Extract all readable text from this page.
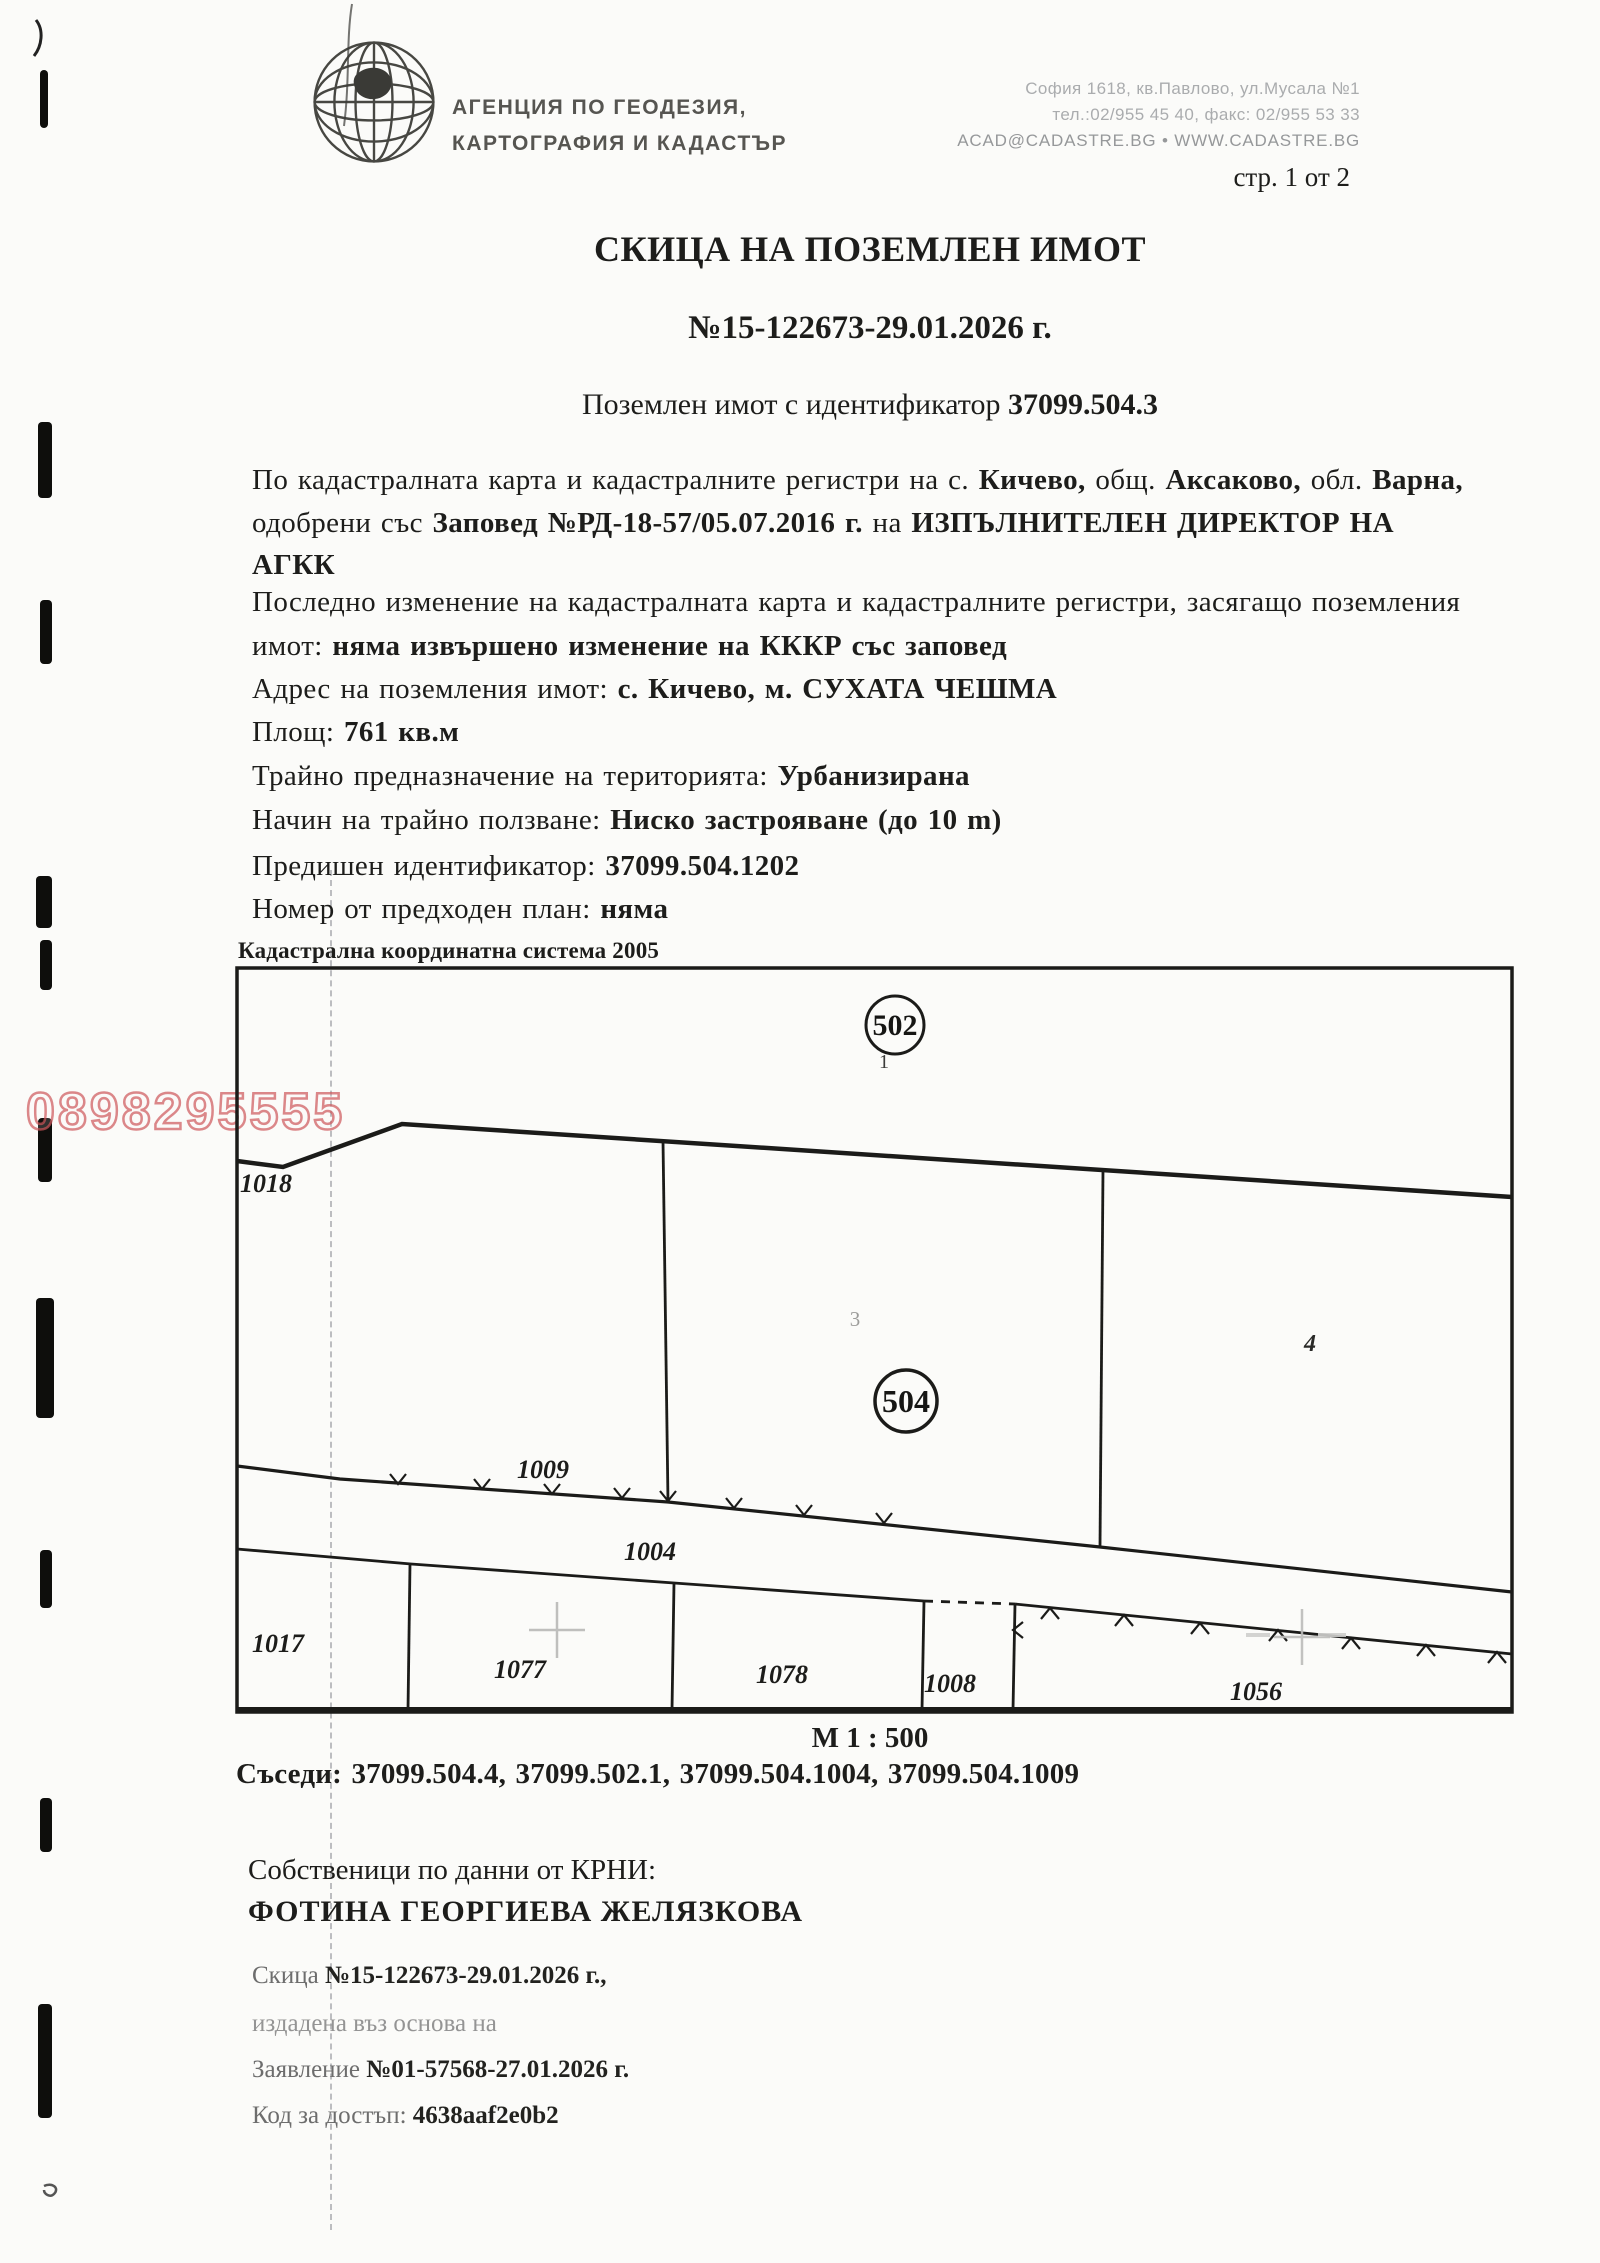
АГЕНЦИЯ ПО ГЕОДЕЗИЯ,
КАРТОГРАФИЯ И КАДАСТЪР
София 1618, кв.Павлово, ул.Мусала №1
тел.:02/955 45 40, факс: 02/955 53 33
ACAD@CADASTRE.BG • WWW.CADASTRE.BG
стр. 1 от 2
СКИЦА НА ПОЗЕМЛЕН ИМОТ
№15-122673-29.01.2026 г.
Поземлен имот с идентификатор 37099.504.3
По кадастралната карта и кадастралните регистри на с. Кичево, общ. Аксаково, обл. Варна,
одобрени със Заповед №РД-18-57/05.07.2016 г. на ИЗПЪЛНИТЕЛЕН ДИРЕКТОР НА
АГКК
Последно изменение на кадастралната карта и кадастралните регистри, засягащо поземления
имот: няма извършено изменение на КККР със заповед
Адрес на поземления имот: с. Кичево, м. СУХАТА ЧЕШМА
Площ: 761 кв.м
Трайно предназначение на територията: Урбанизирана
Начин на трайно ползване: Ниско застрояване (до 10 m)
Предишен идентификатор: 37099.504.1202
Номер от предходен план: няма
Кадастрална координатна система 2005
0898295555
502
1
504
3
4
1018
1009
1004
1017
1077	1078	1008	1056
М 1 : 500
Съседи: 37099.504.4, 37099.502.1, 37099.504.1004, 37099.504.1009
Собственици по данни от КРНИ:
ФОТИНА ГЕОРГИЕВА ЖЕЛЯЗКОВА
Скица №15-122673-29.01.2026 г.,
издадена въз основа на
Заявление №01-57568-27.01.2026 г.
Код за достъп: 4638aaf2e0b2
